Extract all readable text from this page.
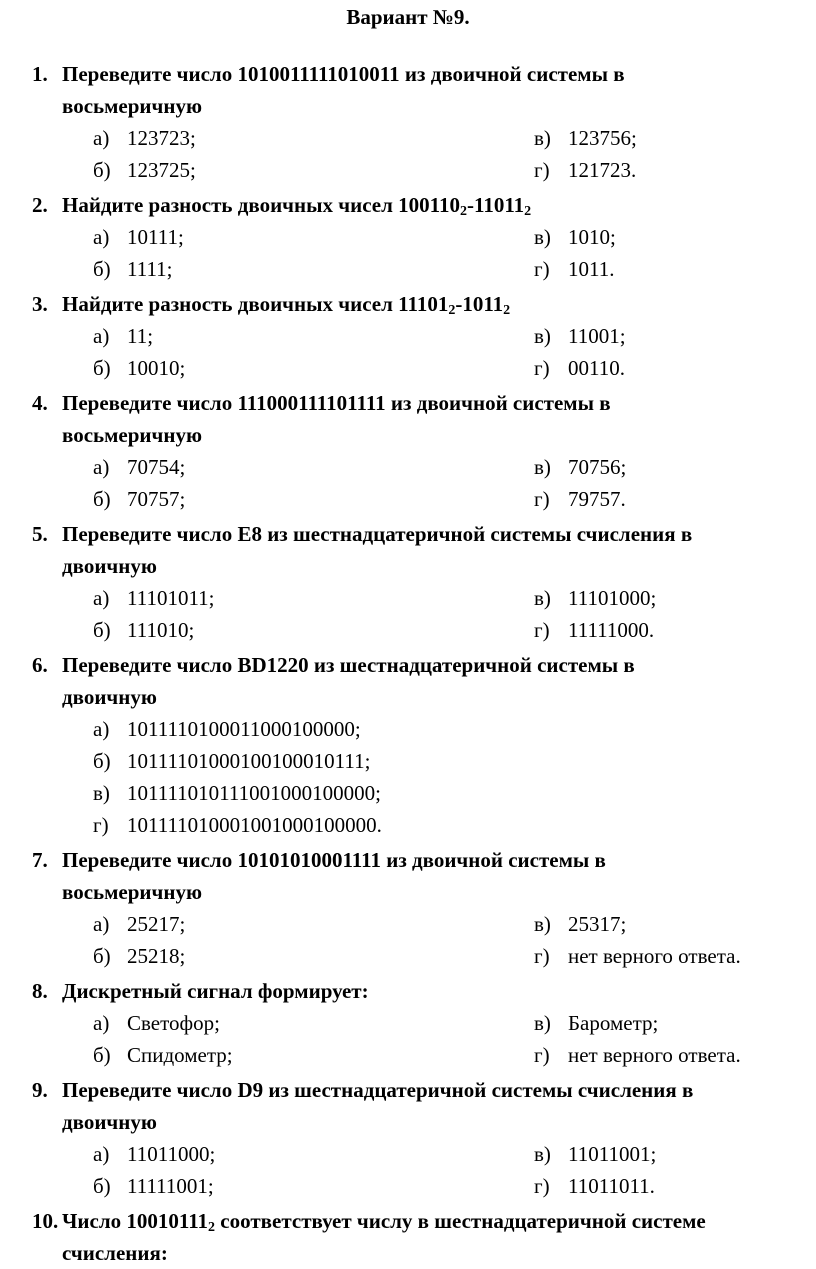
Вариант №9.
1. Переведите число 1010011111010011 из двоичной системы в
восьмеричную
а) 123723;	в) 123756;
б) 123725;	г) 121723.
2. Найдите разность двоичных чисел $100110_2-11011_2$
а) 10111;	в) 1010;
б) 1111;	г) 1011.
3. Найдите разность двоичных чисел $11101_2-1011_2$
а) 11;	в) 11001;
б) 10010;	г) 00110.
4. Переведите число 111000111101111 из двоичной системы в
восьмеричную
а) 70754;	в) 70756;
б) 70757;	г) 79757.
5. Переведите число E8 из шестнадцатеричной системы счисления в
двоичную
а) 11101011;	в) 11101000;
б) 111010;	г) 11111000.
6. Переведите число BD1220 из шестнадцатеричной системы в
двоичную
а) 101111010001100010000​0;
б) 1011110100010010001011​1;
в) 1011110101110010001000​00;
г) 1011110100010010001000​00.
7. Переведите число 10101010001111 из двоичной системы в
восьмеричную
а) 25217;	в) 25317;
б) 25218;	г) нет верного ответа.
8. Дискретный сигнал формирует:
а) Светофор;	в) Барометр;
б) Спидометр;	г) нет верного ответа.
9. Переведите число D9 из шестнадцатеричной системы счисления в
двоичную
а) 11011000;	в) 11011001;
б) 11111001;	г) 11011011.
10. Число $10010111_2$ соответствует числу в шестнадцатеричной системе
счисления:
